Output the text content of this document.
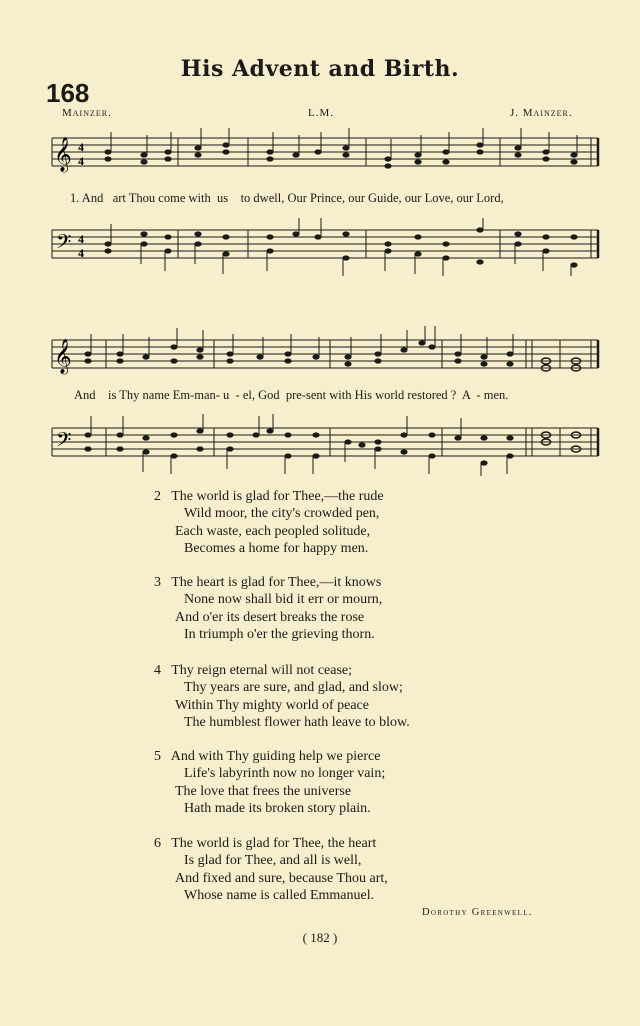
His Advent and Birth.
168
Mainzer.	L.M.	J. Mainzer.
𝄞 4
4
1. And   art Thou come with  us    to dwell, Our Prince, our Guide, our Love, our Lord,
𝄢 4
4
𝄞
And    is Thy name Em-man- u  - el, God  pre-sent with His world restored ?  A  - men.
𝄢
2 The world is glad for Thee,—the rude
Wild moor, the city's crowded pen,
Each waste, each peopled solitude,
Becomes a home for happy men.
3 The heart is glad for Thee,—it knows
None now shall bid it err or mourn,
And o'er its desert breaks the rose
In triumph o'er the grieving thorn.
4 Thy reign eternal will not cease;
Thy years are sure, and glad, and slow;
Within Thy mighty world of peace
The humblest flower hath leave to blow.
5 And with Thy guiding help we pierce
Life's labyrinth now no longer vain;
The love that frees the universe
Hath made its broken story plain.
6 The world is glad for Thee, the heart
Is glad for Thee, and all is well,
And fixed and sure, because Thou art,
Whose name is called Emmanuel.
Dorothy Greenwell.
( 182 )
